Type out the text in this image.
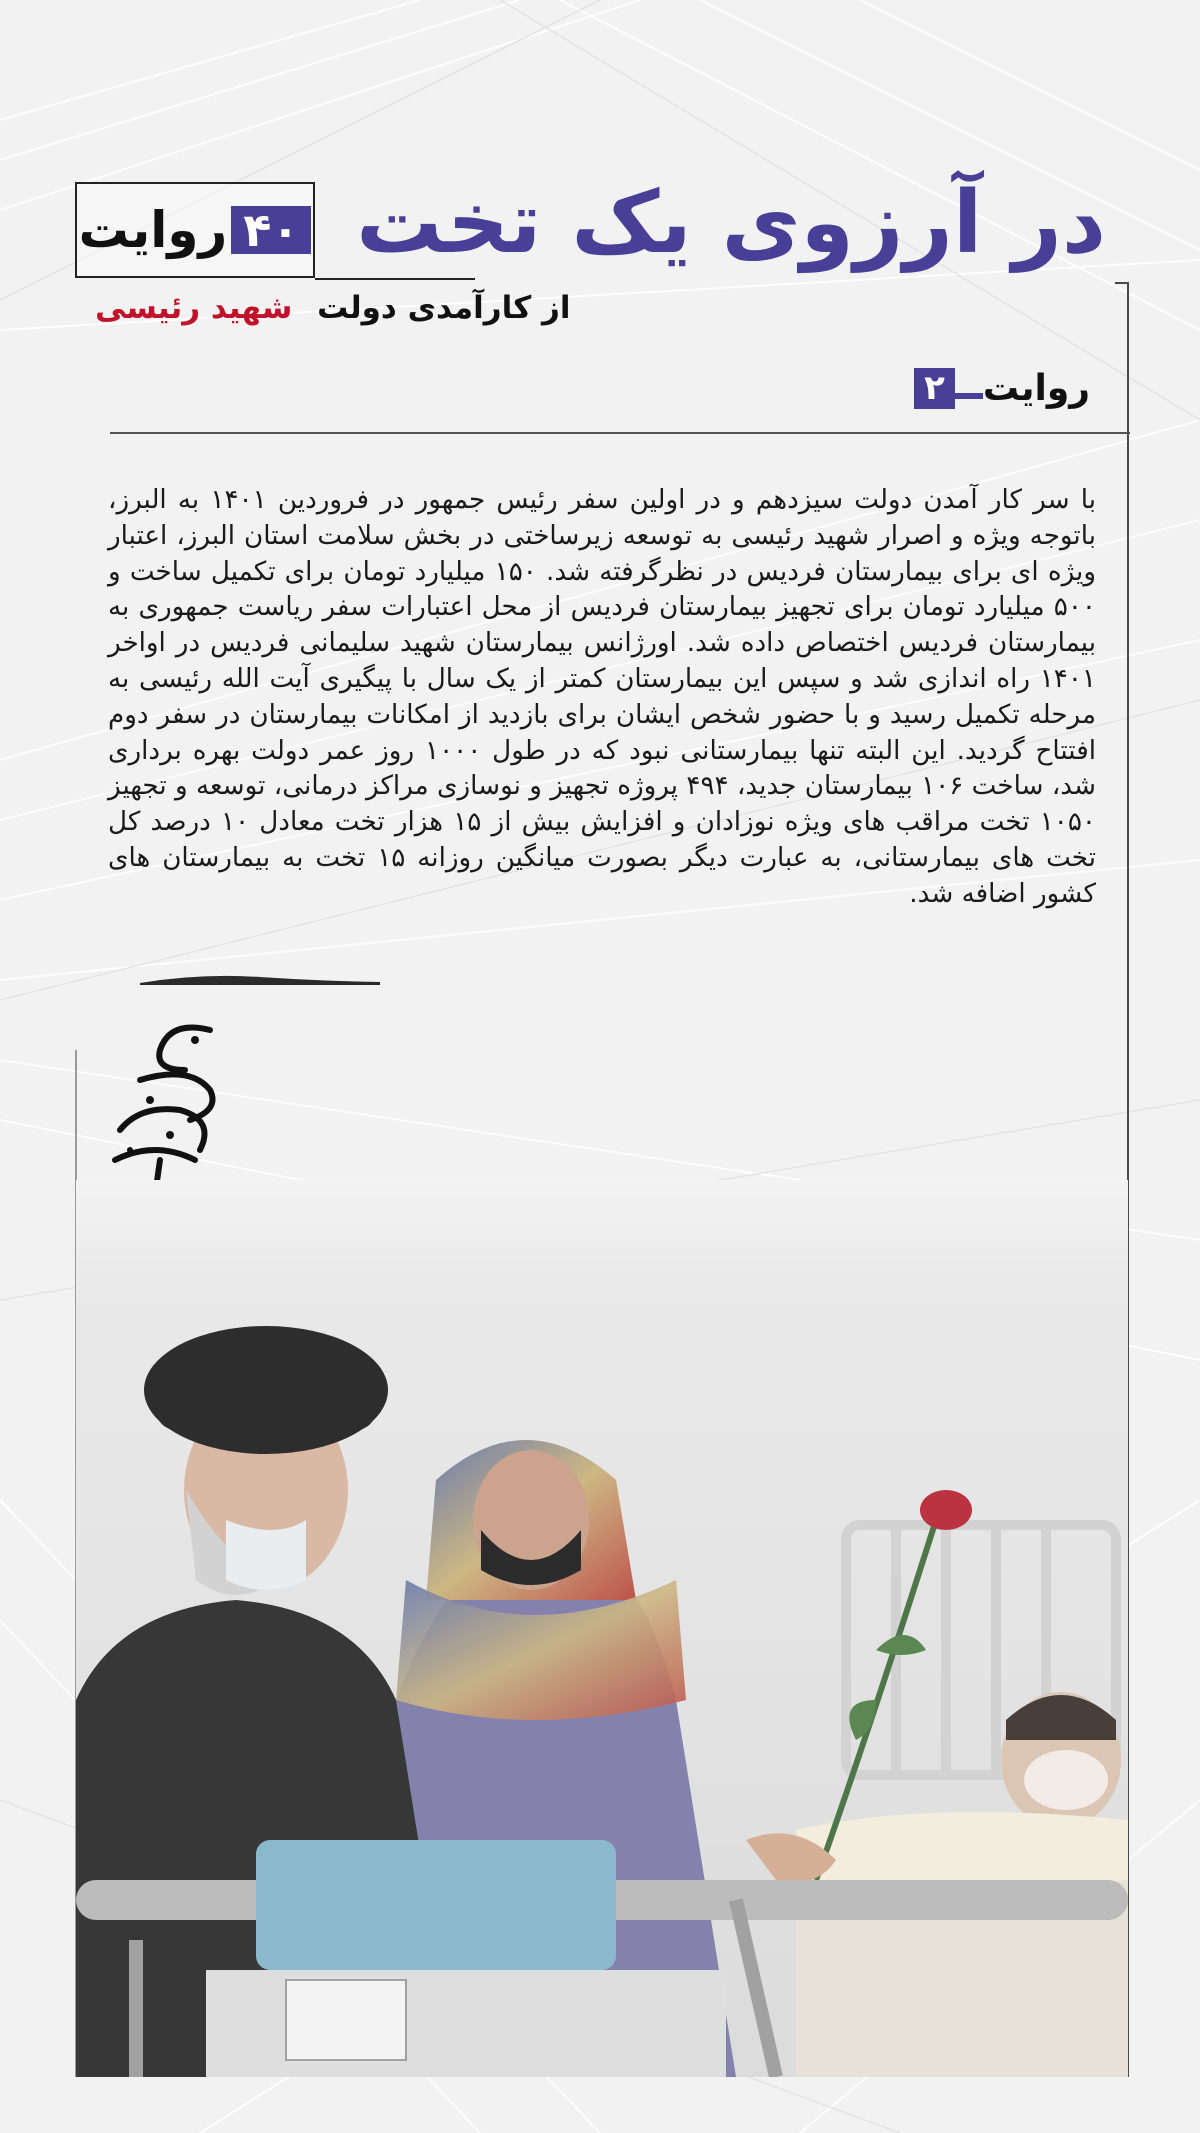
در آرزوی یک تخت
۴۰
روایت

از کارآمدی دولت شهید رئیسی

روایت
۲

با سر کار آمدن دولت سیزدهم و در اولین سفر رئیس جمهور در فروردین ۱۴۰۱ به البرز، باتوجه ویژه و اصرار شهید رئیسی به توسعه زیرساختی در بخش سلامت استان البرز، اعتبار ویژه ای برای بیمارستان فردیس در نظرگرفته شد. ۱۵۰ میلیارد تومان برای تکمیل ساخت و ۵۰۰ میلیارد تومان برای تجهیز بیمارستان فردیس از محل اعتبارات سفر ریاست جمهوری به بیمارستان فردیس اختصاص داده شد. اورژانس بیمارستان شهید سلیمانی فردیس در اواخر ۱۴۰۱ راه اندازی شد و سپس این بیمارستان کمتر از یک سال با پیگیری آیت الله رئیسی به مرحله تکمیل رسید و با حضور شخص ایشان برای بازدید از امکانات بیمارستان در سفر دوم افتتاح گردید. این البته تنها بیمارستانی نبود که در طول ۱۰۰۰ روز عمر دولت بهره برداری شد، ساخت ۱۰۶ بیمارستان جدید، ۴۹۴ پروژه تجهیز و نوسازی مراکز درمانی، توسعه و تجهیز ۱۰۵۰ تخت مراقب های ویژه نوزادان و افزایش بیش از ۱۵ هزار تخت معادل ۱۰ درصد کل تخت های بیمارستانی، به عبارت دیگر بصورت میانگین روزانه ۱۵ تخت به بیمارستان های کشور اضافه شد.
